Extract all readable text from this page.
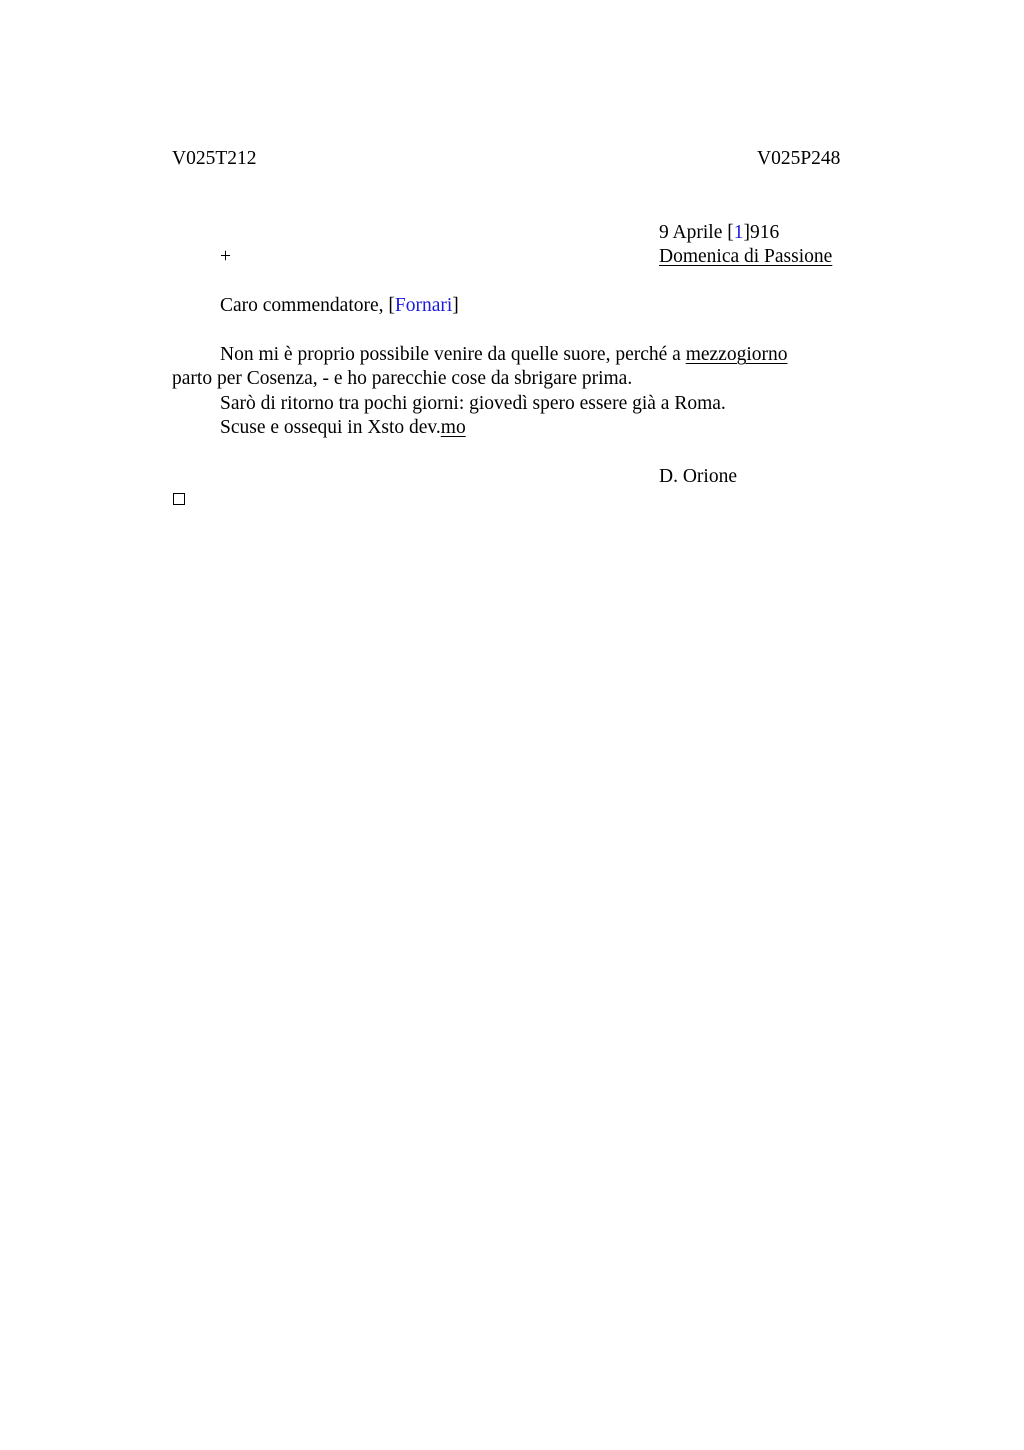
V025T212	V025P248
9 Aprile [1]916
+	Domenica di Passione
Caro commendatore, [Fornari]
Non mi è proprio possibile venire da quelle suore, perché a mezzogiorno
parto per Cosenza, - e ho parecchie cose da sbrigare prima.
Sarò di ritorno tra pochi giorni: giovedì spero essere già a Roma.
Scuse e ossequi in Xsto dev.mo
D. Orione
